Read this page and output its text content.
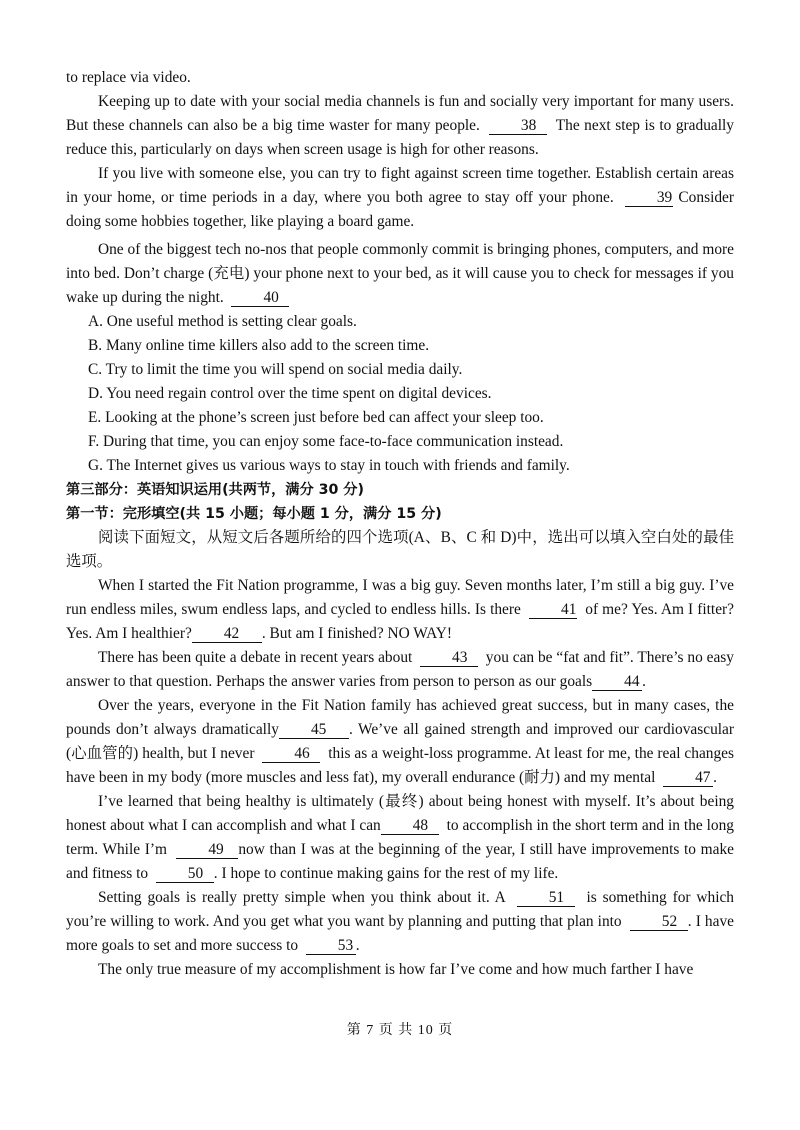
to replace via video.

Keeping up to date with your social media channels is fun and socially very important for many users. But these channels can also be a big time waster for many people.	38 The next step is to gradually reduce this, particularly on days when screen usage is high for other reasons.

If you live with someone else, you can try to fight against screen time together. Establish certain areas in your home, or time periods in a day, where you both agree to stay off your phone.	39 Consider doing some hobbies together, like playing a board game.

One of the biggest tech no-nos that people commonly commit is bringing phones, computers, and more into bed. Don’t charge (充电) your phone next to your bed, as it will cause you to check for messages if you wake up during the night.	40

A. One useful method is setting clear goals.

B. Many online time killers also add to the screen time.

C. Try to limit the time you will spend on social media daily.

D. You need regain control over the time spent on digital devices.

E. Looking at the phone’s screen just before bed can affect your sleep too.

F. During that time, you can enjoy some face-to-face communication instead.

G. The Internet gives us various ways to stay in touch with friends and family.

第三部分：英语知识运用(共两节，满分 30 分)

第一节：完形填空(共 15 小题；每小题 1 分，满分 15 分)

阅读下面短文，从短文后各题所给的四个选项(A、B、C 和 D)中，选出可以填入空白处的最佳选项。

When I started the Fit Nation programme, I was a big guy. Seven months later, I’m still a big guy. I’ve run endless miles, swum endless laps, and cycled to endless hills. Is there	41 of me? Yes. Am I fitter? Yes. Am I healthier? 42 . But am I finished? NO WAY!

There has been quite a debate in recent years about	43 you can be “fat and fit”. There’s no easy answer to that question. Perhaps the answer varies from person to person as our goals 44 .

Over the years, everyone in the Fit Nation family has achieved great success, but in many cases, the pounds don’t always dramatically 45 . We’ve all gained strength and improved our cardiovascular (心血管的) health, but I never	46 this as a weight-loss programme. At least for me, the real changes have been in my body (more muscles and less fat), my overall endurance (耐力) and my mental	47 .

I’ve learned that being healthy is ultimately (最终) about being honest with myself. It’s about being honest about what I can accomplish and what I can 48 to accomplish in the short term and in the long term. While I’m	49 now than I was at the beginning of the year, I still have improvements to make and fitness to	50 . I hope to continue making gains for the rest of my life.

Setting goals is really pretty simple when you think about it. A	51 is something for which you’re willing to work. And you get what you want by planning and putting that plan into	52 . I have more goals to set and more success to	53 .

The only true measure of my accomplishment is how far I’ve come and how much farther I have

第 7 页 共 10 页
